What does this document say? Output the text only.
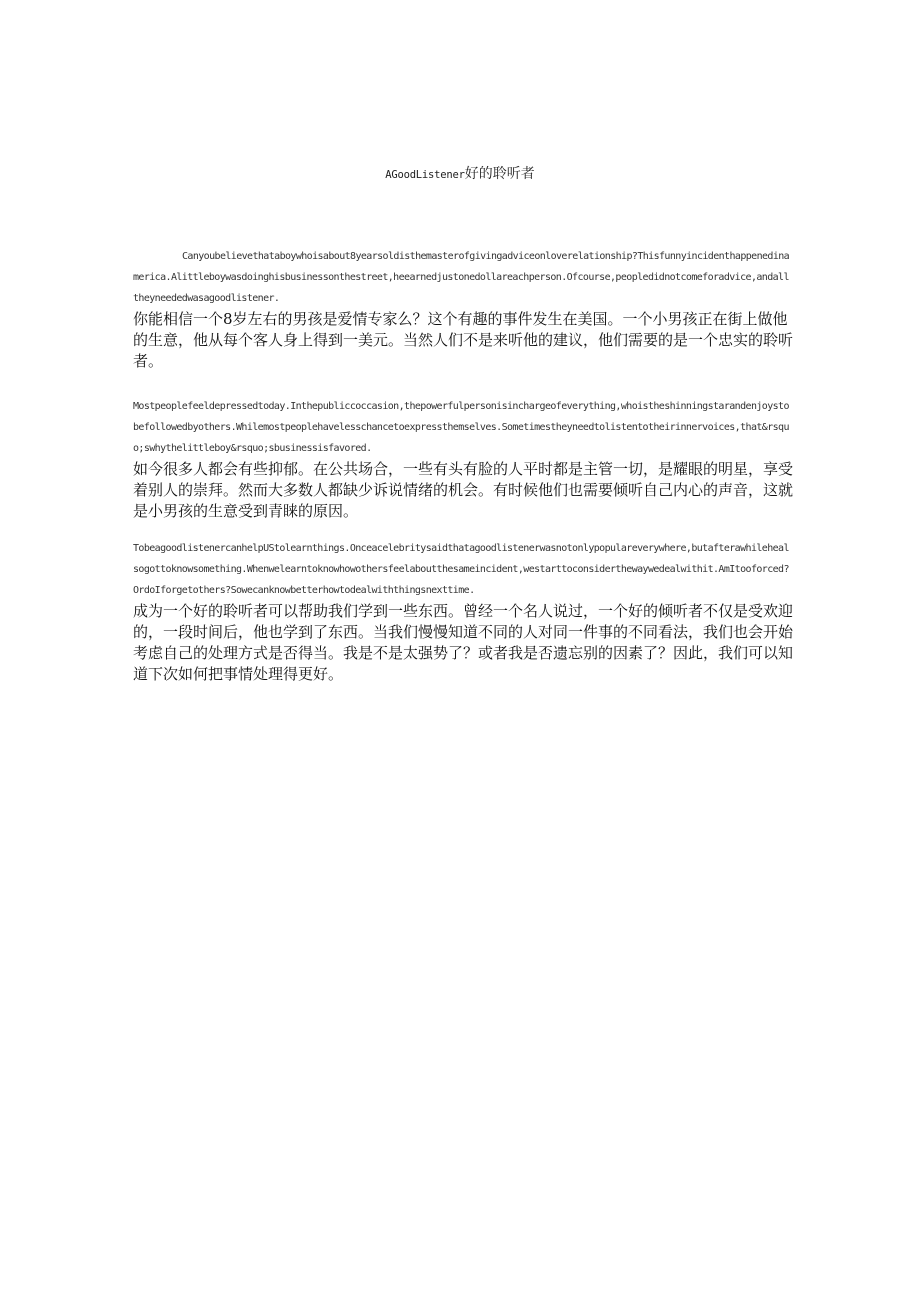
AGoodListener好的聆听者

Canyoubelievethataboywhoisabout8yearsoldisthemasterofgivingadviceonloverelationship?Thisfunnyincidenthappenedinamerica.Alittleboywasdoinghisbusinessonthestreet,heearnedjustonedollareachperson.Ofcourse,peopledidnotcomeforadvice,andalltheyneededwasagoodlistener.

你能相信一个8岁左右的男孩是爱情专家么？这个有趣的事件发生在美国。一个小男孩正在街上做他的生意，他从每个客人身上得到一美元。当然人们不是来听他的建议，他们需要的是一个忠实的聆听者。

Mostpeoplefeeldepressedtoday.Inthepubliccoccasion,thepowerfulpersonisinchargeofeverything,whoistheshinningstarandenjoystobefollowedbyothers.Whilemostpeoplehavelesschancetoexpressthemselves.Sometimestheyneedtolistentotheirinnervoices,that&rsquo;swhythelittleboy&rsquo;sbusinessisfavored.

如今很多人都会有些抑郁。在公共场合，一些有头有脸的人平时都是主管一切，是耀眼的明星，享受着别人的崇拜。然而大多数人都缺少诉说情绪的机会。有时候他们也需要倾听自己内心的声音，这就是小男孩的生意受到青睐的原因。

TobeagoodlistenercanhelpUStolearnthings.Onceacelebritysaidthatagoodlistenerwasnotonlypopulareverywhere,butafterawhilehealsogottoknowsomething.Whenwelearntoknowhowothersfeelaboutthesameincident,westarttoconsiderthewaywedealwithit.AmItooforced?OrdoIforgetothers?Sowecanknowbetterhowtodealwiththingsnexttime.

成为一个好的聆听者可以帮助我们学到一些东西。曾经一个名人说过，一个好的倾听者不仅是受欢迎的，一段时间后，他也学到了东西。当我们慢慢知道不同的人对同一件事的不同看法，我们也会开始考虑自己的处理方式是否得当。我是不是太强势了？或者我是否遗忘别的因素了？因此，我们可以知道下次如何把事情处理得更好。
